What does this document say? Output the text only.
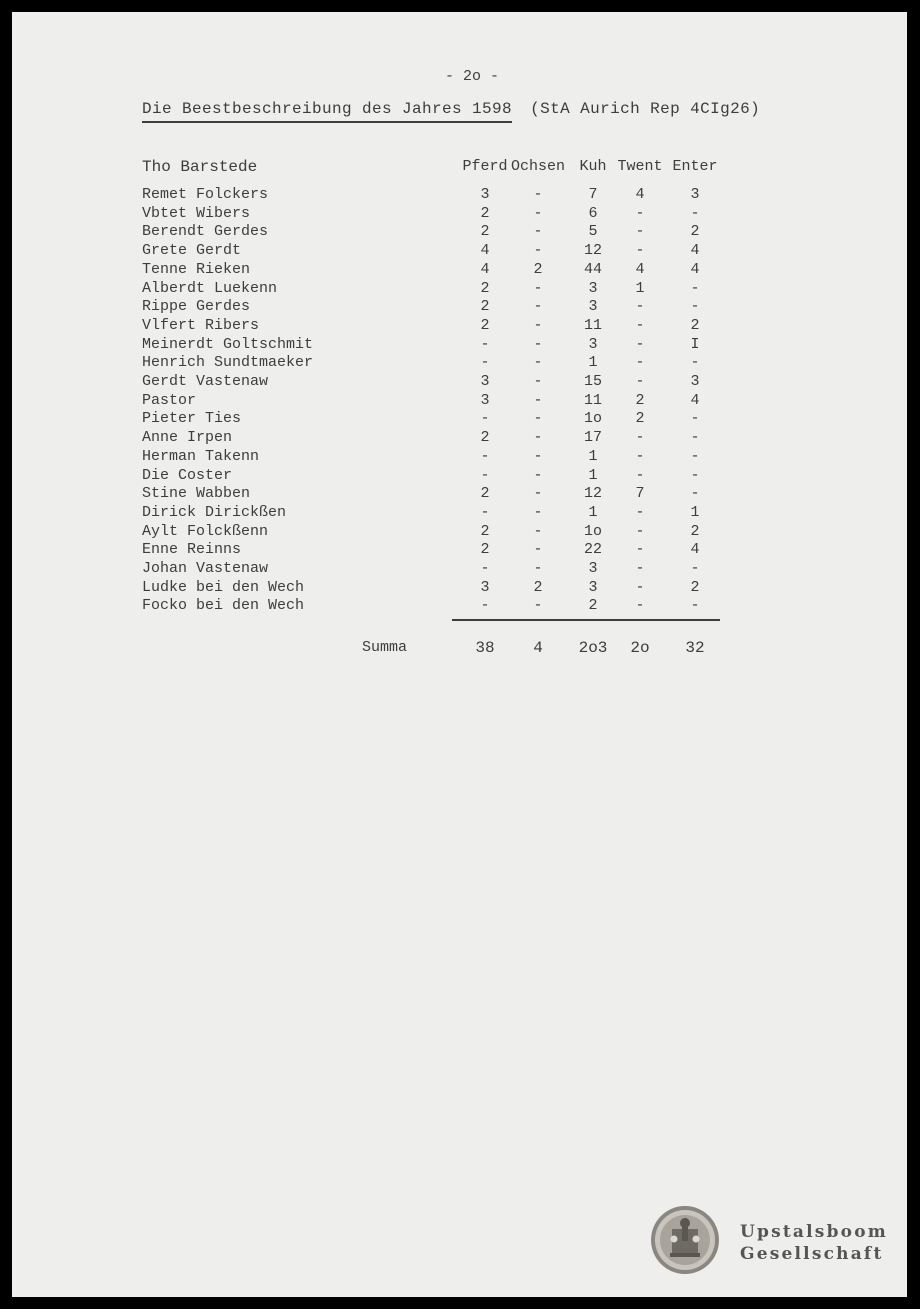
- 2o -
Die Beestbeschreibung des Jahres 1598 (StA Aurich Rep 4CIg26)
Tho Barstede	Pferd Ochsen Kuh Twent Enter
Remet Folckers	3	-	7	4	3
Vbtet Wibers	2	-	6	-	-
Berendt Gerdes	2	-	5	-	2
Grete Gerdt	4	-	12	-	4
Tenne Rieken	4	2	44	4	4
Alberdt Luekenn	2	-	3	1	-
Rippe Gerdes	2	-	3	-	-
Vlfert Ribers	2	-	11	-	2
Meinerdt Goltschmit	-	-	3	-	I
Henrich Sundtmaeker	-	-	1	-	-
Gerdt Vastenaw	3	-	15	-	3
Pastor	3	-	11	2	4
Pieter Ties	-	-	1o	2	-
Anne Irpen	2	-	17	-	-
Herman Takenn	-	-	1	-	-
Die Coster	-	-	1	-	-
Stine Wabben	2	-	12	7	-
Dirick Dirickßen	-	-	1	-	1
Aylt Folckßenn	2	-	1o	-	2
Enne Reinns	2	-	22	-	4
Johan Vastenaw	-	-	3	-	-
Ludke bei den Wech	3	2	3	-	2
Focko bei den Wech	-	-	2	-	-
Summa	38	4	2o3	2o	32
Upstalsboom
Gesellschaft
